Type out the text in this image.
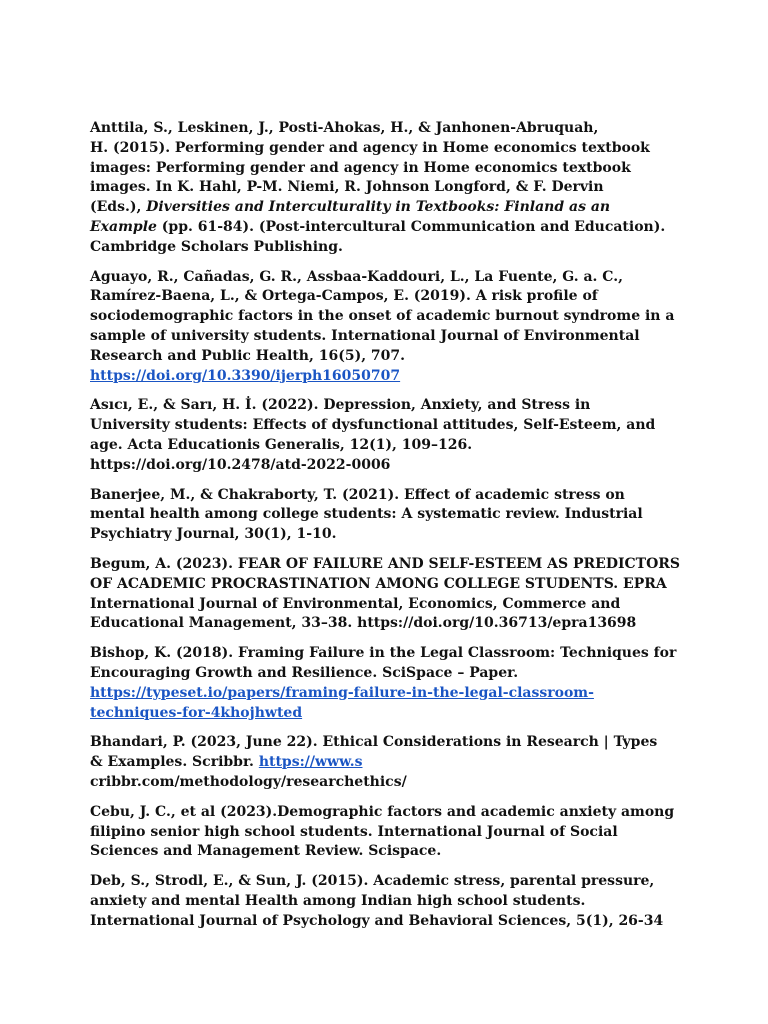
Anttila, S., Leskinen, J., Posti-Ahokas, H., & Janhonen-Abruquah,
H. (2015). Performing gender and agency in Home economics textbook
images: Performing gender and agency in Home economics textbook
images. In K. Hahl, P-M. Niemi, R. Johnson Longford, & F. Dervin
(Eds.), Diversities and Interculturality in Textbooks: Finland as an
Example (pp. 61-84). (Post-intercultural Communication and Education).
Cambridge Scholars Publishing.
Aguayo, R., Cañadas, G. R., Assbaa-Kaddouri, L., La Fuente, G. a. C.,
Ramírez-Baena, L., & Ortega-Campos, E. (2019). A risk profile of
sociodemographic factors in the onset of academic burnout syndrome in a
sample of university students. International Journal of Environmental
Research and Public Health, 16(5), 707.
https://doi.org/10.3390/ijerph16050707
Asıcı, E., & Sarı, H. İ. (2022). Depression, Anxiety, and Stress in
University students: Effects of dysfunctional attitudes, Self-Esteem, and
age. Acta Educationis Generalis, 12(1), 109–126.
https://doi.org/10.2478/atd-2022-0006
Banerjee, M., & Chakraborty, T. (2021). Effect of academic stress on
mental health among college students: A systematic review. Industrial
Psychiatry Journal, 30(1), 1-10.
Begum, A. (2023). FEAR OF FAILURE AND SELF-ESTEEM AS PREDICTORS
OF ACADEMIC PROCRASTINATION AMONG COLLEGE STUDENTS. EPRA
International Journal of Environmental, Economics, Commerce and
Educational Management, 33–38. https://doi.org/10.36713/epra13698
Bishop, K. (2018). Framing Failure in the Legal Classroom: Techniques for
Encouraging Growth and Resilience. SciSpace – Paper.
https://typeset.io/papers/framing-failure-in-the-legal-classroom-
techniques-for-4khojhwted
Bhandari, P. (2023, June 22). Ethical Considerations in Research | Types
& Examples. Scribbr. https://www.s
cribbr.com/methodology/researchethics/
Cebu, J. C., et al (2023).Demographic factors and academic anxiety among
filipino senior high school students. International Journal of Social
Sciences and Management Review. Scispace.
Deb, S., Strodl, E., & Sun, J. (2015). Academic stress, parental pressure,
anxiety and mental Health among Indian high school students.
International Journal of Psychology and Behavioral Sciences, 5(1), 26-34
